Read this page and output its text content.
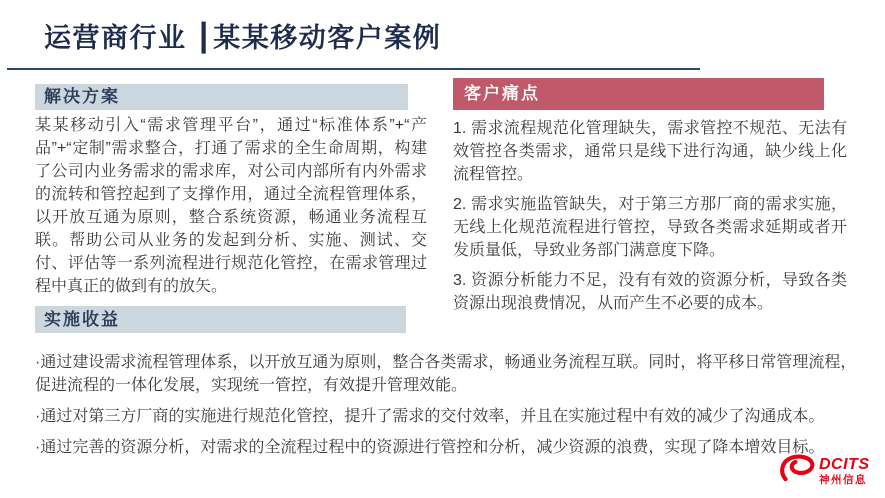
运营商行业 ┃某某移动客户案例
解决方案
某某移动引入“需求管理平台”，通过“标准体系”+“产品”+“定制”需求整合，打通了需求的全生命周期，构建了公司内业务需求的需求库，对公司内部所有内外需求的流转和管控起到了支撑作用，通过全流程管理体系，以开放互通为原则，整合系统资源，畅通业务流程互联。帮助公司从业务的发起到分析、实施、测试、交付、评估等一系列流程进行规范化管控，在需求管理过程中真正的做到有的放矢。
客户痛点

1. 需求流程规范化管理缺失，需求管控不规范、无法有效管控各类需求，通常只是线下进行沟通，缺少线上化流程管控。

2. 需求实施监管缺失，对于第三方那厂商的需求实施，无线上化规范流程进行管控，导致各类需求延期或者开发质量低，导致业务部门满意度下降。

3. 资源分析能力不足，没有有效的资源分析，导致各类资源出现浪费情况，从而产生不必要的成本。

实施收益

·通过建设需求流程管理体系，以开放互通为原则，整合各类需求，畅通业务流程互联。同时，将平移日常管理流程，促进流程的一体化发展，实现统一管控，有效提升管理效能。

·通过对第三方厂商的实施进行规范化管控，提升了需求的交付效率，并且在实施过程中有效的减少了沟通成本。

·通过完善的资源分析，对需求的全流程过程中的资源进行管控和分析，减少资源的浪费，实现了降本增效目标。

DCITS
神州信息
